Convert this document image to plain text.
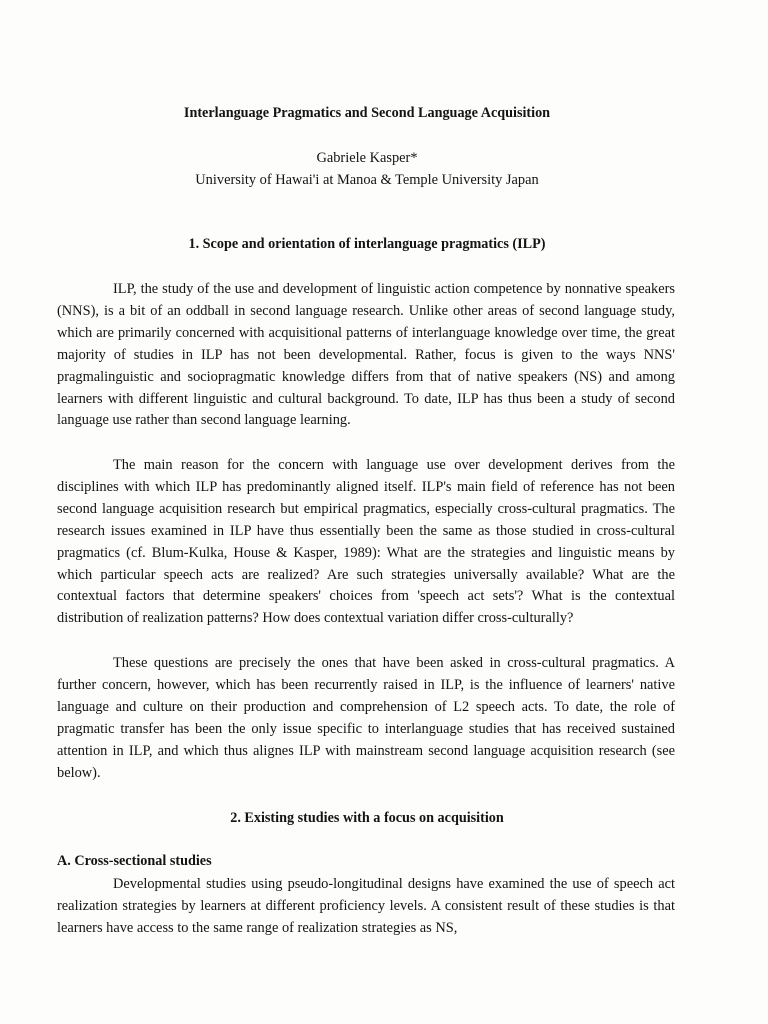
Interlanguage Pragmatics and Second Language Acquisition
Gabriele Kasper*
University of Hawai'i at Manoa & Temple University Japan
1. Scope and orientation of interlanguage pragmatics (ILP)

ILP, the study of the use and development of linguistic action competence by nonnative speakers (NNS), is a bit of an oddball in second language research. Unlike other areas of second language study, which are primarily concerned with acquisitional patterns of interlanguage knowledge over time, the great majority of studies in ILP has not been developmental. Rather, focus is given to the ways NNS' pragmalinguistic and sociopragmatic knowledge differs from that of native speakers (NS) and among learners with different linguistic and cultural background. To date, ILP has thus been a study of second language use rather than second language learning.

The main reason for the concern with language use over development derives from the disciplines with which ILP has predominantly aligned itself. ILP's main field of reference has not been second language acquisition research but empirical pragmatics, especially cross-cultural pragmatics. The research issues examined in ILP have thus essentially been the same as those studied in cross-cultural pragmatics (cf. Blum-Kulka, House & Kasper, 1989): What are the strategies and linguistic means by which particular speech acts are realized? Are such strategies universally available? What are the contextual factors that determine speakers' choices from 'speech act sets'? What is the contextual distribution of realization patterns? How does contextual variation differ cross-culturally?

These questions are precisely the ones that have been asked in cross-cultural pragmatics. A further concern, however, which has been recurrently raised in ILP, is the influence of learners' native language and culture on their production and comprehension of L2 speech acts. To date, the role of pragmatic transfer has been the only issue specific to interlanguage studies that has received sustained attention in ILP, and which thus alignes ILP with mainstream second language acquisition research (see below).

2. Existing studies with a focus on acquisition
A. Cross-sectional studies

Developmental studies using pseudo-longitudinal designs have examined the use of speech act realization strategies by learners at different proficiency levels. A consistent result of these studies is that learners have access to the same range of realization strategies as NS,
